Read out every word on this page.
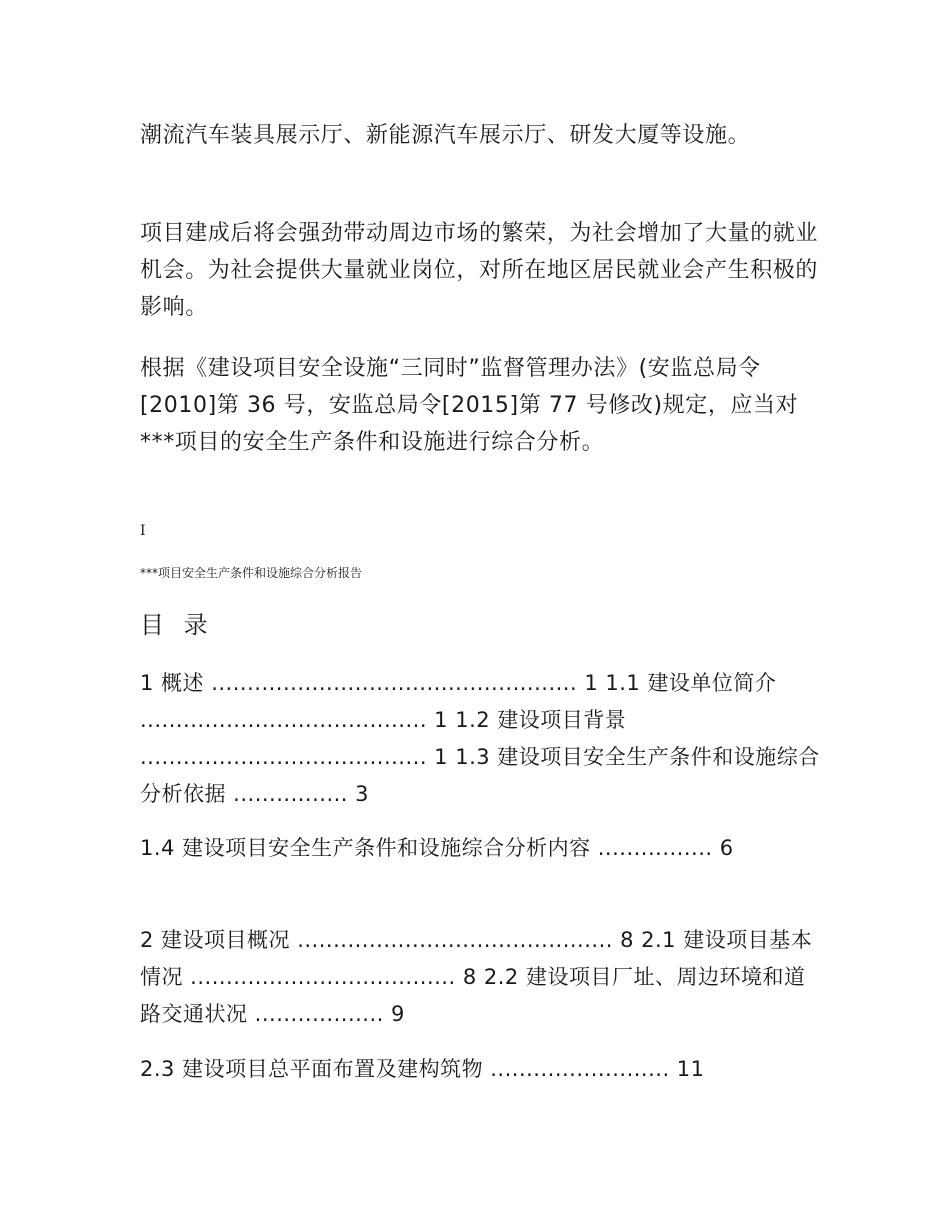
潮流汽车装具展示厅、新能源汽车展示厅、研发大厦等设施。

项目建成后将会强劲带动周边市场的繁荣，为社会增加了大量的就业机会。为社会提供大量就业岗位，对所在地区居民就业会产生积极的影响。

根据《建设项目安全设施“三同时”监督管理办法》(安监总局令[2010]第 36 号，安监总局令[2015]第 77 号修改)规定，应当对***项目的安全生产条件和设施进行综合分析。

I
***项目安全生产条件和设施综合分析报告
目 录

1 概述 ................................................... 1 1.1 建设单位简介 ........................................ 1 1.2 建设项目背景 ........................................ 1 1.3 建设项目安全生产条件和设施综合分析依据 ................ 3

1.4 建设项目安全生产条件和设施综合分析内容 ................ 6

2 建设项目概况 ............................................ 8 2.1 建设项目基本情况 ..................................... 8 2.2 建设项目厂址、周边环境和道路交通状况 .................. 9

2.3 建设项目总平面布置及建构筑物 ......................... 11
